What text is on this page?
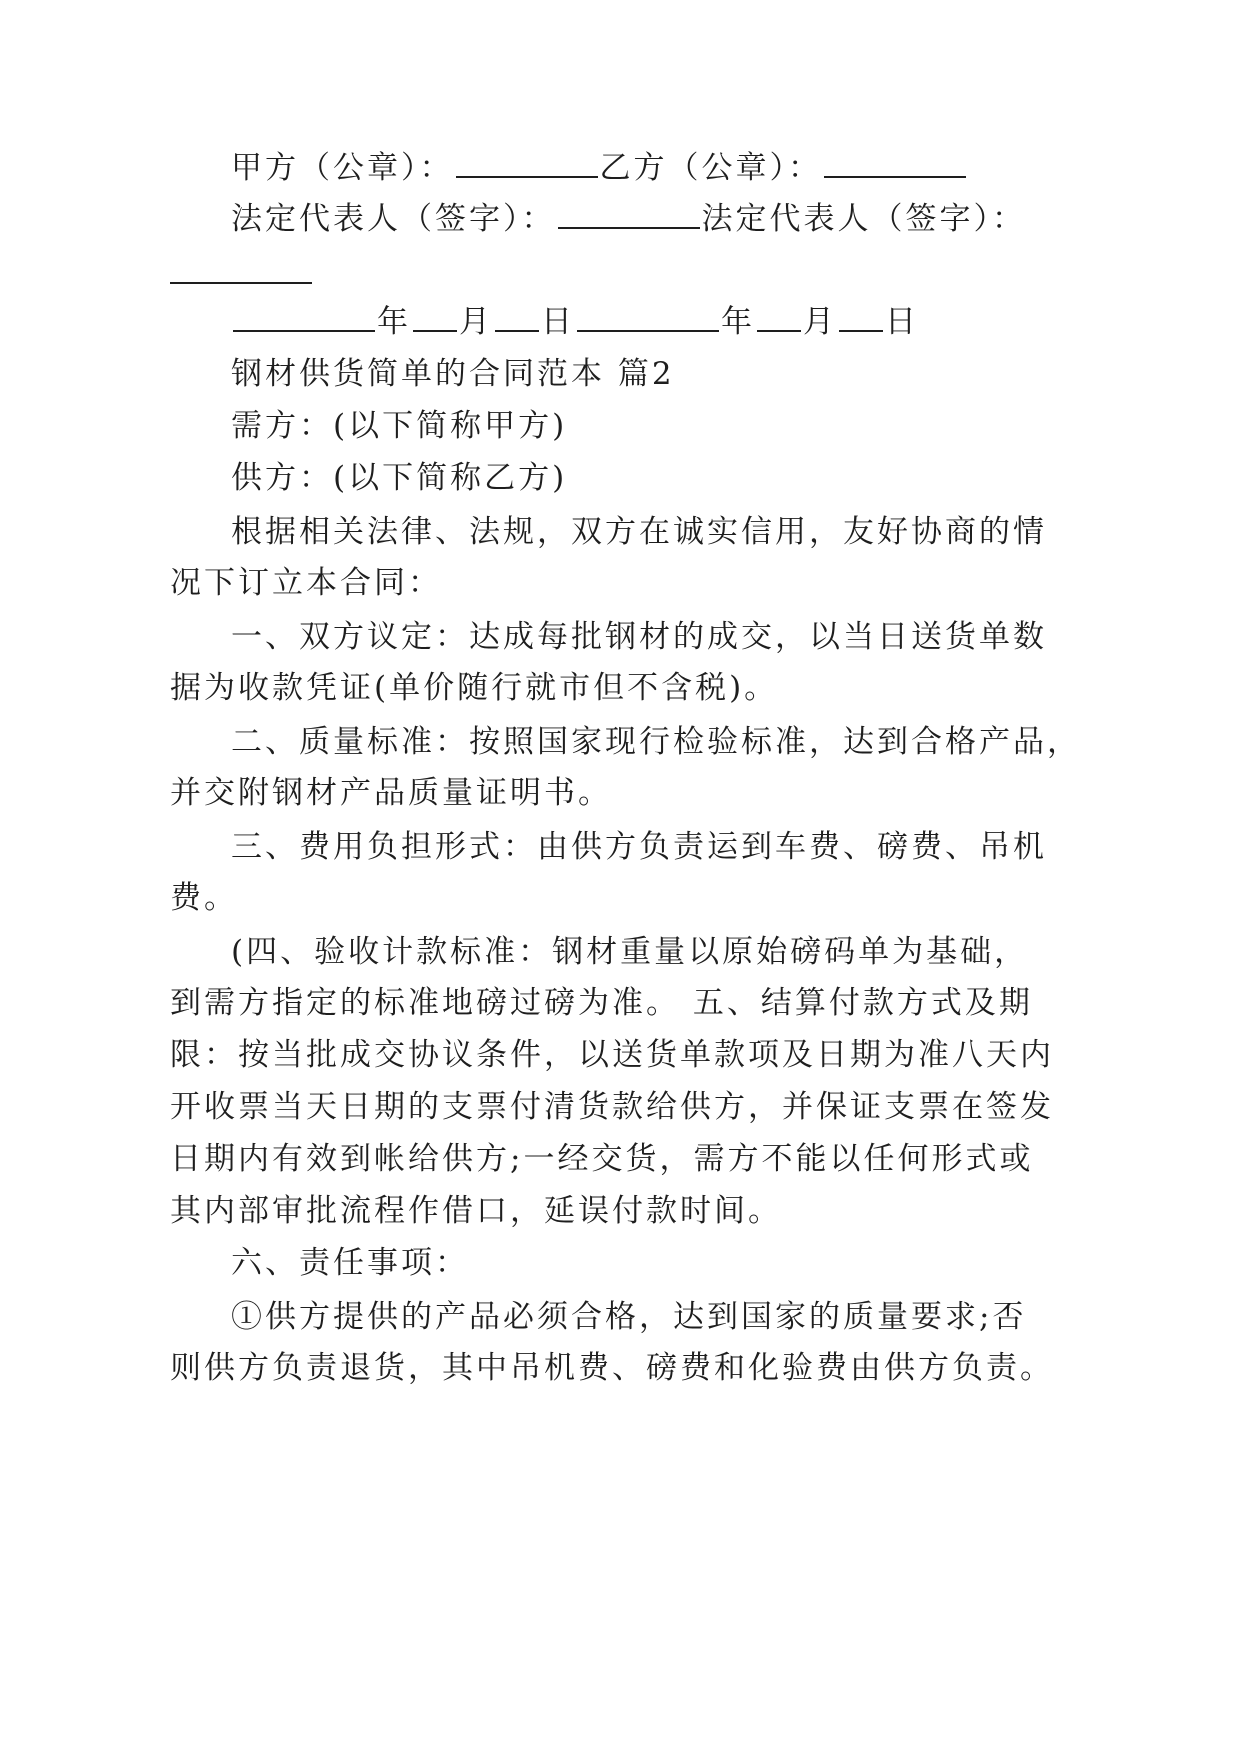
甲方（公章）：	乙方（公章）：

法定代表人（签字）：	法定代表人（签字）：

年 月 日	年 月 日

钢材供货简单的合同范本 篇2

需方：(以下简称甲方)

供方：(以下简称乙方)

根据相关法律、法规，双方在诚实信用，友好协商的情

况下订立本合同：

一、双方议定：达成每批钢材的成交，以当日送货单数

据为收款凭证(单价随行就市但不含税)。

二、质量标准：按照国家现行检验标准，达到合格产品，

并交附钢材产品质量证明书。

三、费用负担形式：由供方负责运到车费、磅费、吊机

费。

(四、验收计款标准：钢材重量以原始磅码单为基础，

到需方指定的标准地磅过磅为准。 五、结算付款方式及期

限：按当批成交协议条件，以送货单款项及日期为准八天内

开收票当天日期的支票付清货款给供方，并保证支票在签发

日期内有效到帐给供方;一经交货，需方不能以任何形式或

其内部审批流程作借口，延误付款时间。

六、责任事项：

①供方提供的产品必须合格，达到国家的质量要求;否

则供方负责退货，其中吊机费、磅费和化验费由供方负责。
